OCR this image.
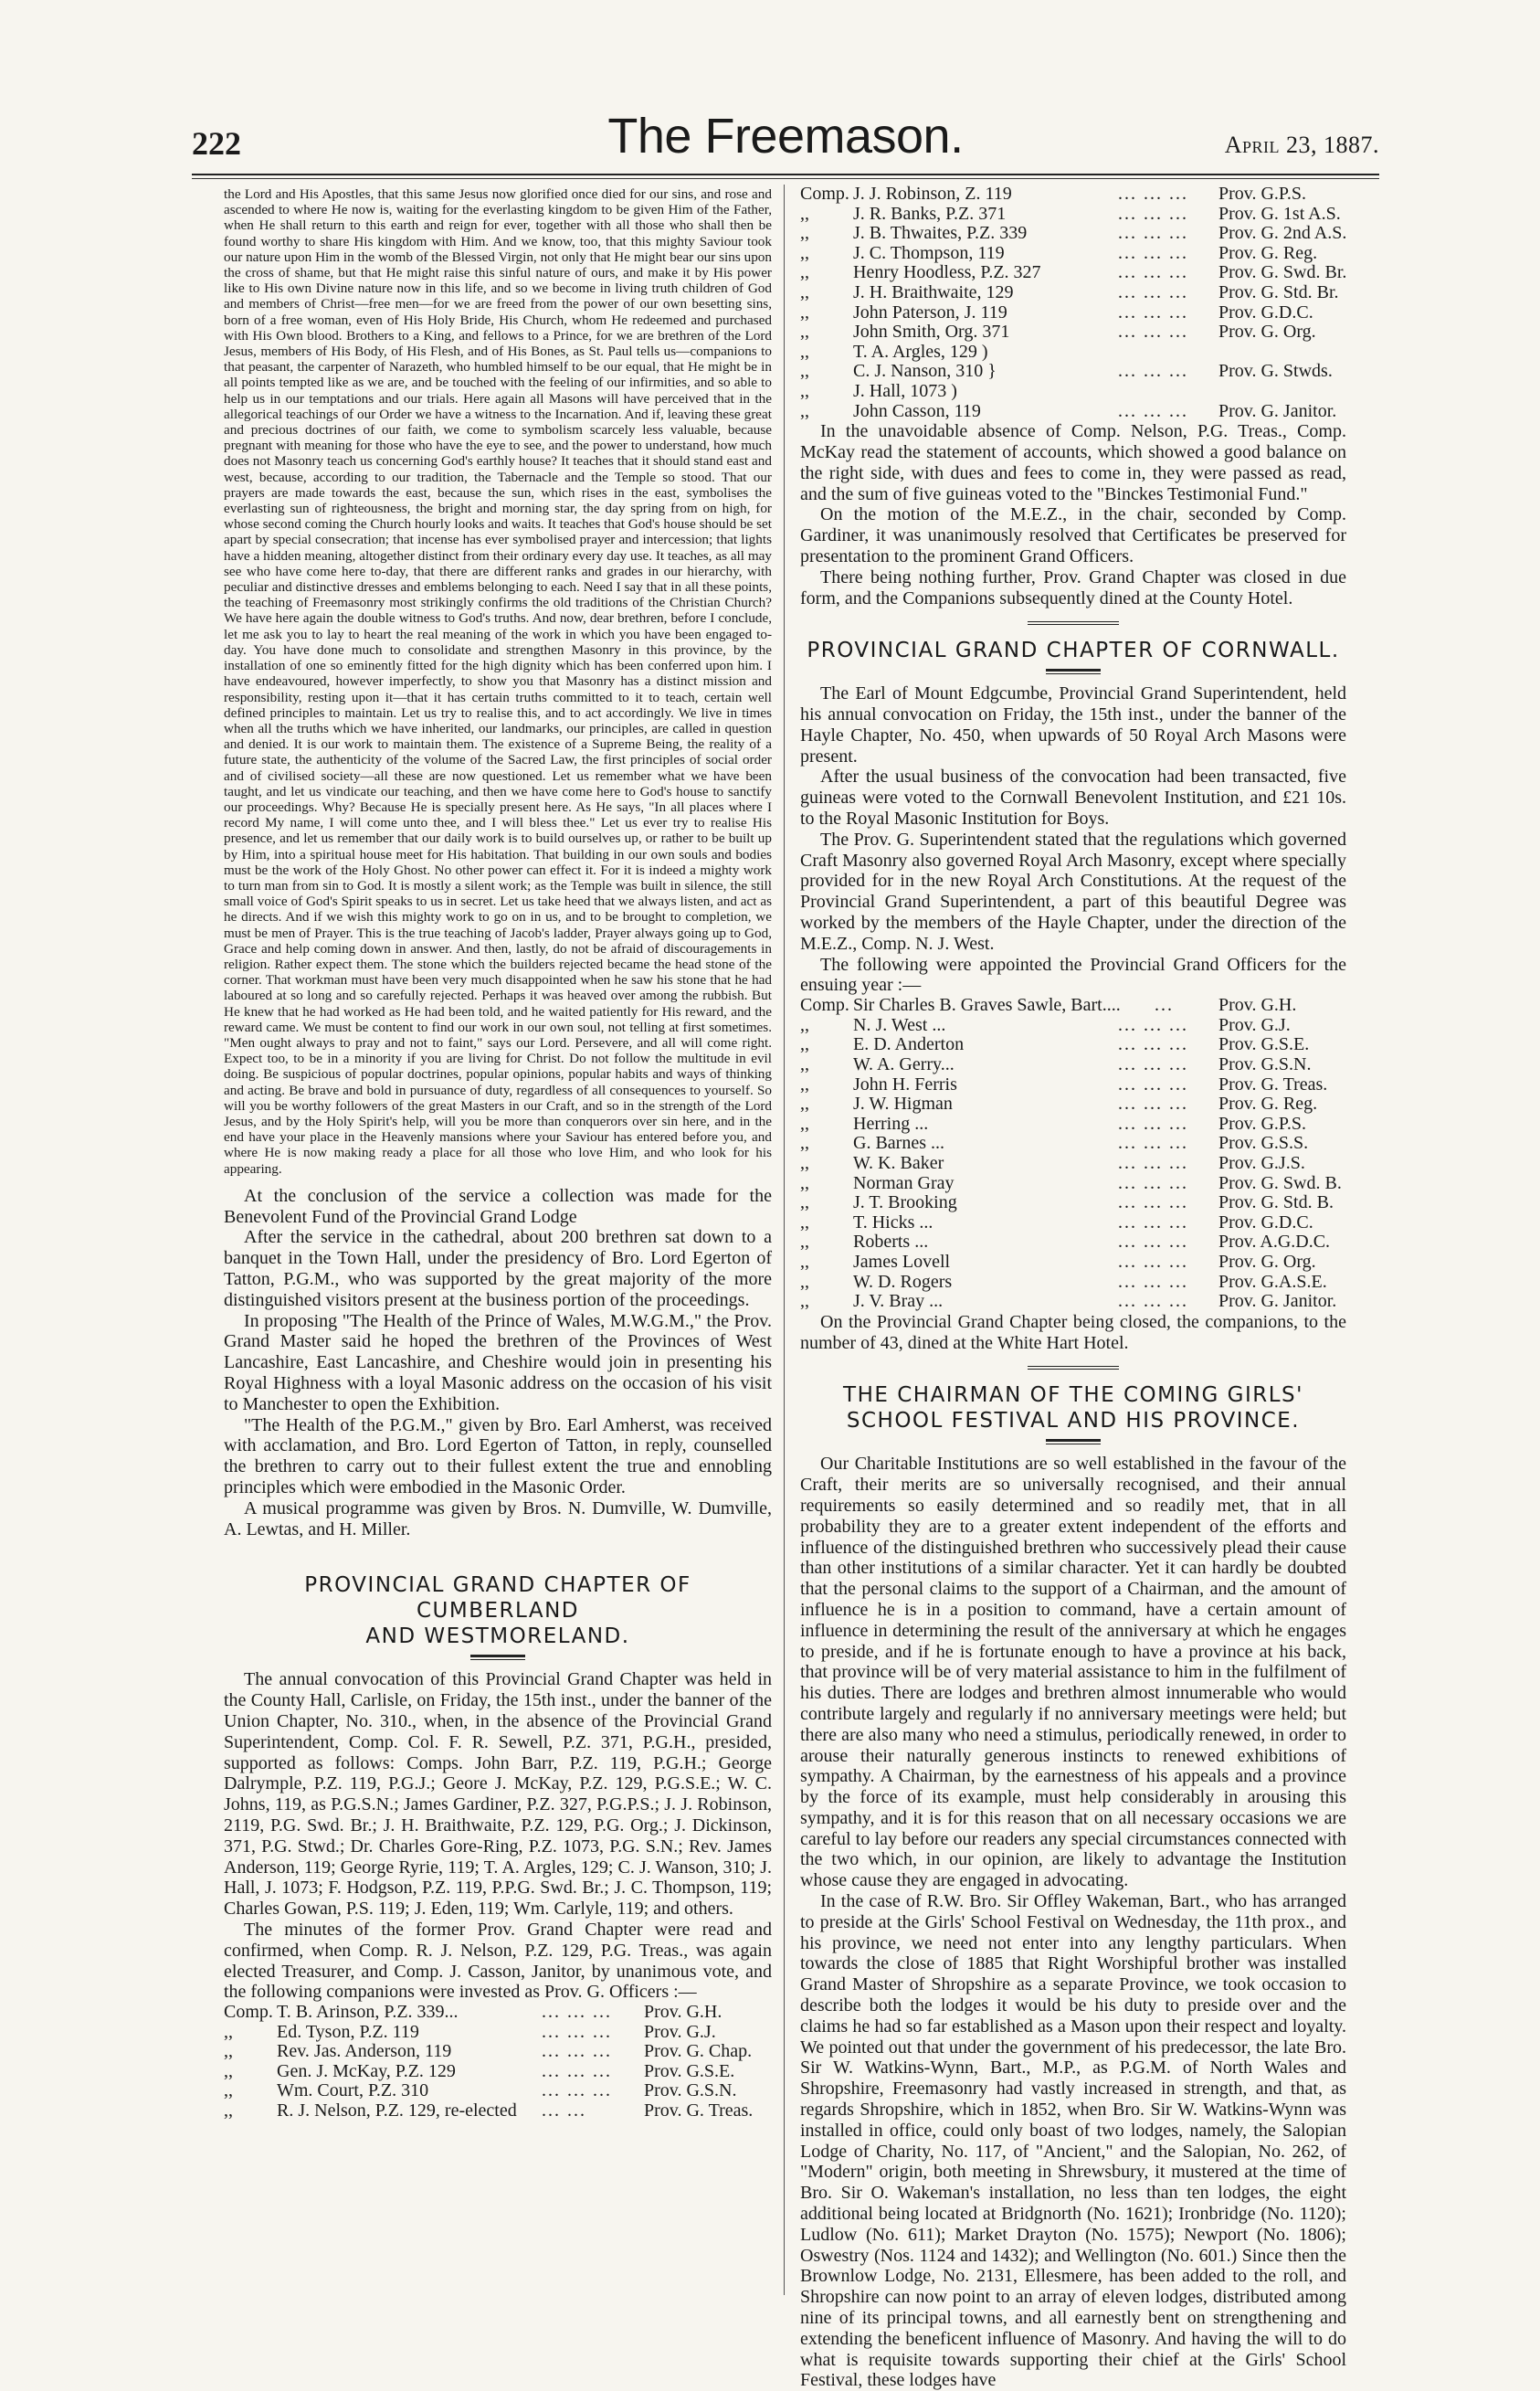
222	The Freemason.	April 23, 1887.

the Lord and His Apostles, that this same Jesus now glorified once died for our sins, and rose and ascended to where He now is, waiting for the everlasting kingdom to be given Him of the Father, when He shall return to this earth and reign for ever, together with all those who shall then be found worthy to share His kingdom with Him. And we know, too, that this mighty Saviour took our nature upon Him in the womb of the Blessed Virgin, not only that He might bear our sins upon the cross of shame, but that He might raise this sinful nature of ours, and make it by His power like to His own Divine nature now in this life, and so we become in living truth children of God and members of Christ—free men—for we are freed from the power of our own besetting sins, born of a free woman, even of His Holy Bride, His Church, whom He redeemed and purchased with His Own blood. Brothers to a King, and fellows to a Prince, for we are brethren of the Lord Jesus, members of His Body, of His Flesh, and of His Bones, as St. Paul tells us—companions to that peasant, the carpenter of Narazeth, who humbled himself to be our equal, that He might be in all points tempted like as we are, and be touched with the feeling of our infirmities, and so able to help us in our temptations and our trials. Here again all Masons will have perceived that in the allegorical teachings of our Order we have a witness to the Incarnation. And if, leaving these great and precious doctrines of our faith, we come to symbolism scarcely less valuable, because pregnant with meaning for those who have the eye to see, and the power to understand, how much does not Masonry teach us concerning God's earthly house? It teaches that it should stand east and west, because, according to our tradition, the Tabernacle and the Temple so stood. That our prayers are made towards the east, because the sun, which rises in the east, symbolises the everlasting sun of righteousness, the bright and morning star, the day spring from on high, for whose second coming the Church hourly looks and waits. It teaches that God's house should be set apart by special consecration; that incense has ever symbolised prayer and intercession; that lights have a hidden meaning, altogether distinct from their ordinary every day use. It teaches, as all may see who have come here to-day, that there are different ranks and grades in our hierarchy, with peculiar and distinctive dresses and emblems belonging to each. Need I say that in all these points, the teaching of Freemasonry most strikingly confirms the old traditions of the Christian Church? We have here again the double witness to God's truths. And now, dear brethren, before I conclude, let me ask you to lay to heart the real meaning of the work in which you have been engaged to-day. You have done much to consolidate and strengthen Masonry in this province, by the installation of one so eminently fitted for the high dignity which has been conferred upon him. I have endeavoured, however imperfectly, to show you that Masonry has a distinct mission and responsibility, resting upon it—that it has certain truths committed to it to teach, certain well defined principles to maintain. Let us try to realise this, and to act accordingly. We live in times when all the truths which we have inherited, our landmarks, our principles, are called in question and denied. It is our work to maintain them. The existence of a Supreme Being, the reality of a future state, the authenticity of the volume of the Sacred Law, the first principles of social order and of civilised society—all these are now questioned. Let us remember what we have been taught, and let us vindicate our teaching, and then we have come here to God's house to sanctify our proceedings. Why? Because He is specially present here. As He says, "In all places where I record My name, I will come unto thee, and I will bless thee." Let us ever try to realise His presence, and let us remember that our daily work is to build ourselves up, or rather to be built up by Him, into a spiritual house meet for His habitation. That building in our own souls and bodies must be the work of the Holy Ghost. No other power can effect it. For it is indeed a mighty work to turn man from sin to God. It is mostly a silent work; as the Temple was built in silence, the still small voice of God's Spirit speaks to us in secret. Let us take heed that we always listen, and act as he directs. And if we wish this mighty work to go on in us, and to be brought to completion, we must be men of Prayer. This is the true teaching of Jacob's ladder, Prayer always going up to God, Grace and help coming down in answer. And then, lastly, do not be afraid of discouragements in religion. Rather expect them. The stone which the builders rejected became the head stone of the corner. That workman must have been very much disappointed when he saw his stone that he had laboured at so long and so carefully rejected. Perhaps it was heaved over among the rubbish. But He knew that he had worked as He had been told, and he waited patiently for His reward, and the reward came. We must be content to find our work in our own soul, not telling at first sometimes. "Men ought always to pray and not to faint," says our Lord. Persevere, and all will come right. Expect too, to be in a minority if you are living for Christ. Do not follow the multitude in evil doing. Be suspicious of popular doctrines, popular opinions, popular habits and ways of thinking and acting. Be brave and bold in pursuance of duty, regardless of all consequences to yourself. So will you be worthy followers of the great Masters in our Craft, and so in the strength of the Lord Jesus, and by the Holy Spirit's help, will you be more than conquerors over sin here, and in the end have your place in the Heavenly mansions where your Saviour has entered before you, and where He is now making ready a place for all those who love Him, and who look for his appearing.

At the conclusion of the service a collection was made for the Benevolent Fund of the Provincial Grand Lodge

After the service in the cathedral, about 200 brethren sat down to a banquet in the Town Hall, under the presidency of Bro. Lord Egerton of Tatton, P.G.M., who was supported by the great majority of the more distinguished visitors present at the business portion of the proceedings.

In proposing "The Health of the Prince of Wales, M.W.G.M.," the Prov. Grand Master said he hoped the brethren of the Provinces of West Lancashire, East Lancashire, and Cheshire would join in presenting his Royal Highness with a loyal Masonic address on the occasion of his visit to Manchester to open the Exhibition.

"The Health of the P.G.M.," given by Bro. Earl Amherst, was received with acclamation, and Bro. Lord Egerton of Tatton, in reply, counselled the brethren to carry out to their fullest extent the true and ennobling principles which were embodied in the Masonic Order.

A musical programme was given by Bros. N. Dumville, W. Dumville, A. Lewtas, and H. Miller.

PROVINCIAL GRAND CHAPTER OF CUMBERLAND
AND WESTMORELAND.

The annual convocation of this Provincial Grand Chapter was held in the County Hall, Carlisle, on Friday, the 15th inst., under the banner of the Union Chapter, No. 310., when, in the absence of the Provincial Grand Superintendent, Comp. Col. F. R. Sewell, P.Z. 371, P.G.H., presided, supported as follows: Comps. John Barr, P.Z. 119, P.G.H.; George Dalrymple, P.Z. 119, P.G.J.; Geore J. McKay, P.Z. 129, P.G.S.E.; W. C. Johns, 119, as P.G.S.N.; James Gardiner, P.Z. 327, P.G.P.S.; J. J. Robinson, 2119, P.G. Swd. Br.; J. H. Braithwaite, P.Z. 129, P.G. Org.; J. Dickinson, 371, P.G. Stwd.; Dr. Charles Gore-Ring, P.Z. 1073, P.G. S.N.; Rev. James Anderson, 119; George Ryrie, 119; T. A. Argles, 129; C. J. Wanson, 310; J. Hall, J. 1073; F. Hodgson, P.Z. 119, P.P.G. Swd. Br.; J. C. Thompson, 119; Charles Gowan, P.S. 119; J. Eden, 119; Wm. Carlyle, 119; and others.

The minutes of the former Prov. Grand Chapter were read and confirmed, when Comp. R. J. Nelson, P.Z. 129, P.G. Treas., was again elected Treasurer, and Comp. J. Casson, Janitor, by unanimous vote, and the following companions were invested as Prov. G. Officers :—

Comp. T. B. Arinson, P.Z. 339...	... ... ...	Prov. G.H.
,,	Ed. Tyson, P.Z. 119	... ... ...	Prov. G.J.
,,	Rev. Jas. Anderson, 119	... ... ...	Prov. G. Chap.
,,	Gen. J. McKay, P.Z. 129	... ... ...	Prov. G.S.E.
,,	Wm. Court, P.Z. 310	... ... ...	Prov. G.S.N.
,,	R. J. Nelson, P.Z. 129, re-elected	... ...	Prov. G. Treas.
Comp. J. J. Robinson, Z. 119	... ... ...	Prov. G.P.S.
,,	J. R. Banks, P.Z. 371	... ... ...	Prov. G. 1st A.S.
,,	J. B. Thwaites, P.Z. 339	... ... ...	Prov. G. 2nd A.S.
,,	J. C. Thompson, 119	... ... ...	Prov. G. Reg.
,,	Henry Hoodless, P.Z. 327	... ... ...	Prov. G. Swd. Br.
,,	J. H. Braithwaite, 129	... ... ...	Prov. G. Std. Br.
,,	John Paterson, J. 119	... ... ...	Prov. G.D.C.
,,	John Smith, Org. 371	... ... ...	Prov. G. Org.
,,	T. A. Argles, 129 )
,,	C. J. Nanson, 310 }	... ... ...	Prov. G. Stwds.
,,	J. Hall, 1073 )
,,	John Casson, 119	... ... ...	Prov. G. Janitor.

In the unavoidable absence of Comp. Nelson, P.G. Treas., Comp. McKay read the statement of accounts, which showed a good balance on the right side, with dues and fees to come in, they were passed as read, and the sum of five guineas voted to the "Binckes Testimonial Fund."

On the motion of the M.E.Z., in the chair, seconded by Comp. Gardiner, it was unanimously resolved that Certificates be preserved for presentation to the prominent Grand Officers.

There being nothing further, Prov. Grand Chapter was closed in due form, and the Companions subsequently dined at the County Hotel.

PROVINCIAL GRAND CHAPTER OF CORNWALL.

The Earl of Mount Edgcumbe, Provincial Grand Superintendent, held his annual convocation on Friday, the 15th inst., under the banner of the Hayle Chapter, No. 450, when upwards of 50 Royal Arch Masons were present.

After the usual business of the convocation had been transacted, five guineas were voted to the Cornwall Benevolent Institution, and £21 10s. to the Royal Masonic Institution for Boys.

The Prov. G. Superintendent stated that the regulations which governed Craft Masonry also governed Royal Arch Masonry, except where specially provided for in the new Royal Arch Constitutions. At the request of the Provincial Grand Superintendent, a part of this beautiful Degree was worked by the members of the Hayle Chapter, under the direction of the M.E.Z., Comp. N. J. West.

The following were appointed the Provincial Grand Officers for the ensuing year :—

Comp. Sir Charles B. Graves Sawle, Bart....	...	Prov. G.H.
,,	N. J. West ...	... ... ...	Prov. G.J.
,,	E. D. Anderton	... ... ...	Prov. G.S.E.
,,	W. A. Gerry...	... ... ...	Prov. G.S.N.
,,	John H. Ferris	... ... ...	Prov. G. Treas.
,,	J. W. Higman	... ... ...	Prov. G. Reg.
,,	Herring ...	... ... ...	Prov. G.P.S.
,,	G. Barnes ...	... ... ...	Prov. G.S.S.
,,	W. K. Baker	... ... ...	Prov. G.J.S.
,,	Norman Gray	... ... ...	Prov. G. Swd. B.
,,	J. T. Brooking	... ... ...	Prov. G. Std. B.
,,	T. Hicks ...	... ... ...	Prov. G.D.C.
,,	Roberts ...	... ... ...	Prov. A.G.D.C.
,,	James Lovell	... ... ...	Prov. G. Org.
,,	W. D. Rogers	... ... ...	Prov. G.A.S.E.
,,	J. V. Bray ...	... ... ...	Prov. G. Janitor.

On the Provincial Grand Chapter being closed, the companions, to the number of 43, dined at the White Hart Hotel.

THE CHAIRMAN OF THE COMING GIRLS'
SCHOOL FESTIVAL AND HIS PROVINCE.

Our Charitable Institutions are so well established in the favour of the Craft, their merits are so universally recognised, and their annual requirements so easily determined and so readily met, that in all probability they are to a greater extent independent of the efforts and influence of the distinguished brethren who successively plead their cause than other institutions of a similar character. Yet it can hardly be doubted that the personal claims to the support of a Chairman, and the amount of influence he is in a position to command, have a certain amount of influence in determining the result of the anniversary at which he engages to preside, and if he is fortunate enough to have a province at his back, that province will be of very material assistance to him in the fulfilment of his duties. There are lodges and brethren almost innumerable who would contribute largely and regularly if no anniversary meetings were held; but there are also many who need a stimulus, periodically renewed, in order to arouse their naturally generous instincts to renewed exhibitions of sympathy. A Chairman, by the earnestness of his appeals and a province by the force of its example, must help considerably in arousing this sympathy, and it is for this reason that on all necessary occasions we are careful to lay before our readers any special circumstances connected with the two which, in our opinion, are likely to advantage the Institution whose cause they are engaged in advocating.

In the case of R.W. Bro. Sir Offley Wakeman, Bart., who has arranged to preside at the Girls' School Festival on Wednesday, the 11th prox., and his province, we need not enter into any lengthy particulars. When towards the close of 1885 that Right Worshipful brother was installed Grand Master of Shropshire as a separate Province, we took occasion to describe both the lodges it would be his duty to preside over and the claims he had so far established as a Mason upon their respect and loyalty. We pointed out that under the government of his predecessor, the late Bro. Sir W. Watkins-Wynn, Bart., M.P., as P.G.M. of North Wales and Shropshire, Freemasonry had vastly increased in strength, and that, as regards Shropshire, which in 1852, when Bro. Sir W. Watkins-Wynn was installed in office, could only boast of two lodges, namely, the Salopian Lodge of Charity, No. 117, of "Ancient," and the Salopian, No. 262, of "Modern" origin, both meeting in Shrewsbury, it mustered at the time of Bro. Sir O. Wakeman's installation, no less than ten lodges, the eight additional being located at Bridgnorth (No. 1621); Ironbridge (No. 1120); Ludlow (No. 611); Market Drayton (No. 1575); Newport (No. 1806); Oswestry (Nos. 1124 and 1432); and Wellington (No. 601.) Since then the Brownlow Lodge, No. 2131, Ellesmere, has been added to the roll, and Shropshire can now point to an array of eleven lodges, distributed among nine of its principal towns, and all earnestly bent on strengthening and extending the beneficent influence of Masonry. And having the will to do what is requisite towards supporting their chief at the Girls' School Festival, these lodges have
